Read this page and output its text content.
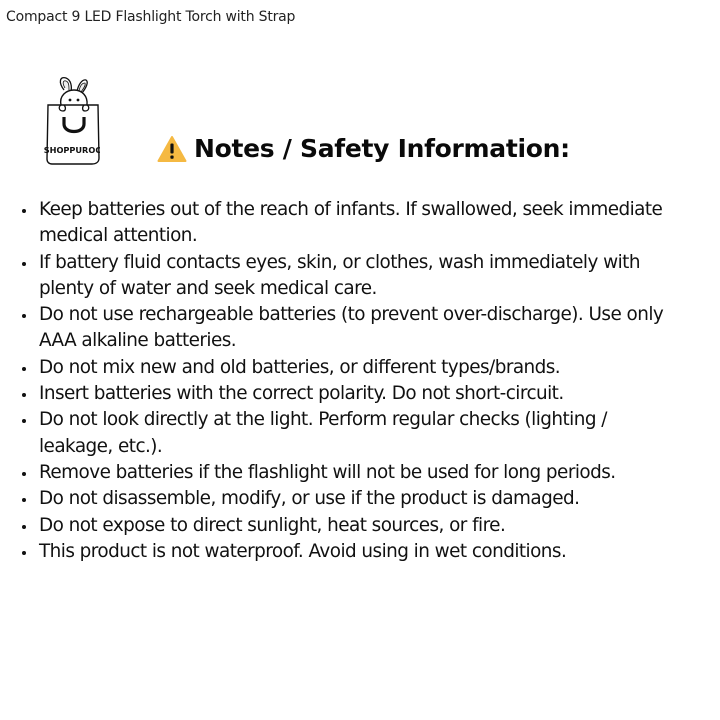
Compact 9 LED Flashlight Torch with Strap
SHOPPUROO	Notes / Safety Information:
Keep batteries out of the reach of infants. If swallowed, seek immediate
medical attention.
If battery fluid contacts eyes, skin, or clothes, wash immediately with
plenty of water and seek medical care.
Do not use rechargeable batteries (to prevent over-discharge). Use only
AAA alkaline batteries.
Do not mix new and old batteries, or different types/brands.
Insert batteries with the correct polarity. Do not short-circuit.
Do not look directly at the light. Perform regular checks (lighting /
leakage, etc.).
Remove batteries if the flashlight will not be used for long periods.
Do not disassemble, modify, or use if the product is damaged.
Do not expose to direct sunlight, heat sources, or fire.
This product is not waterproof. Avoid using in wet conditions.
